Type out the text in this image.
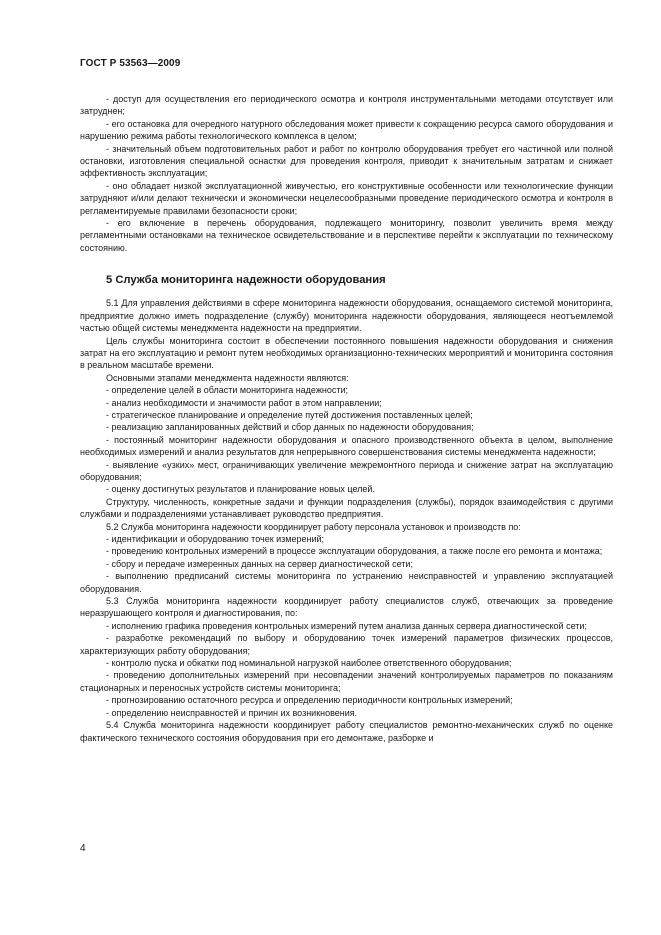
ГОСТ Р 53563—2009

- доступ для осуществления его периодического осмотра и контроля инструментальными методами отсутствует или затруднен;

- его остановка для очередного натурного обследования может привести к сокращению ресурса самого оборудования и нарушению режима работы технологического комплекса в целом;

- значительный объем подготовительных работ и работ по контролю оборудования требует его частичной или полной остановки, изготовления специальной оснастки для проведения контроля, приводит к значительным затратам и снижает эффективность эксплуатации;

- оно обладает низкой эксплуатационной живучестью, его конструктивные особенности или технологические функции затрудняют и/или делают технически и экономически нецелесообразными проведение периодического осмотра и контроля в регламентируемые правилами безопасности сроки;

- его включение в перечень оборудования, подлежащего мониторингу, позволит увеличить время между регламентными остановками на техническое освидетельствование и в перспективе перейти к эксплуатации по техническому состоянию.

5 Служба мониторинга надежности оборудования

5.1 Для управления действиями в сфере мониторинга надежности оборудования, оснащаемого системой мониторинга, предприятие должно иметь подразделение (службу) мониторинга надежности оборудования, являющееся неотъемлемой частью общей системы менеджмента надежности на предприятии.

Цель службы мониторинга состоит в обеспечении постоянного повышения надежности оборудования и снижения затрат на его эксплуатацию и ремонт путем необходимых организационно-технических мероприятий и мониторинга состояния в реальном масштабе времени.

Основными этапами менеджмента надежности являются:

- определение целей в области мониторинга надежности;

- анализ необходимости и значимости работ в этом направлении;

- стратегическое планирование и определение путей достижения поставленных целей;

- реализацию запланированных действий и сбор данных по надежности оборудования;

- постоянный мониторинг надежности оборудования и опасного производственного объекта в целом, выполнение необходимых измерений и анализ результатов для непрерывного совершенствования системы менеджмента надежности;

- выявление «узких» мест, ограничивающих увеличение межремонтного периода и снижение затрат на эксплуатацию оборудования;

- оценку достигнутых результатов и планирование новых целей.

Структуру, численность, конкретные задачи и функции подразделения (службы), порядок взаимодействия с другими службами и подразделениями устанавливает руководство предприятия.

5.2 Служба мониторинга надежности координирует работу персонала установок и производств по:

- идентификации и оборудованию точек измерений;

- проведению контрольных измерений в процессе эксплуатации оборудования, а также после его ремонта и монтажа;

- сбору и передаче измеренных данных на сервер диагностической сети;

- выполнению предписаний системы мониторинга по устранению неисправностей и управлению эксплуатацией оборудования.

5.3 Служба мониторинга надежности координирует работу специалистов служб, отвечающих за проведение неразрушающего контроля и диагностирования, по:

- исполнению графика проведения контрольных измерений путем анализа данных сервера диагностической сети;

- разработке рекомендаций по выбору и оборудованию точек измерений параметров физических процессов, характеризующих работу оборудования;

- контролю пуска и обкатки под номинальной нагрузкой наиболее ответственного оборудования;

- проведению дополнительных измерений при несовпадении значений контролируемых параметров по показаниям стационарных и переносных устройств системы мониторинга;

- прогнозированию остаточного ресурса и определению периодичности контрольных измерений;

- определению неисправностей и причин их возникновения.

5.4 Служба мониторинга надежности координирует работу специалистов ремонтно-механических служб по оценке фактического технического состояния оборудования при его демонтаже, разборке и

4
